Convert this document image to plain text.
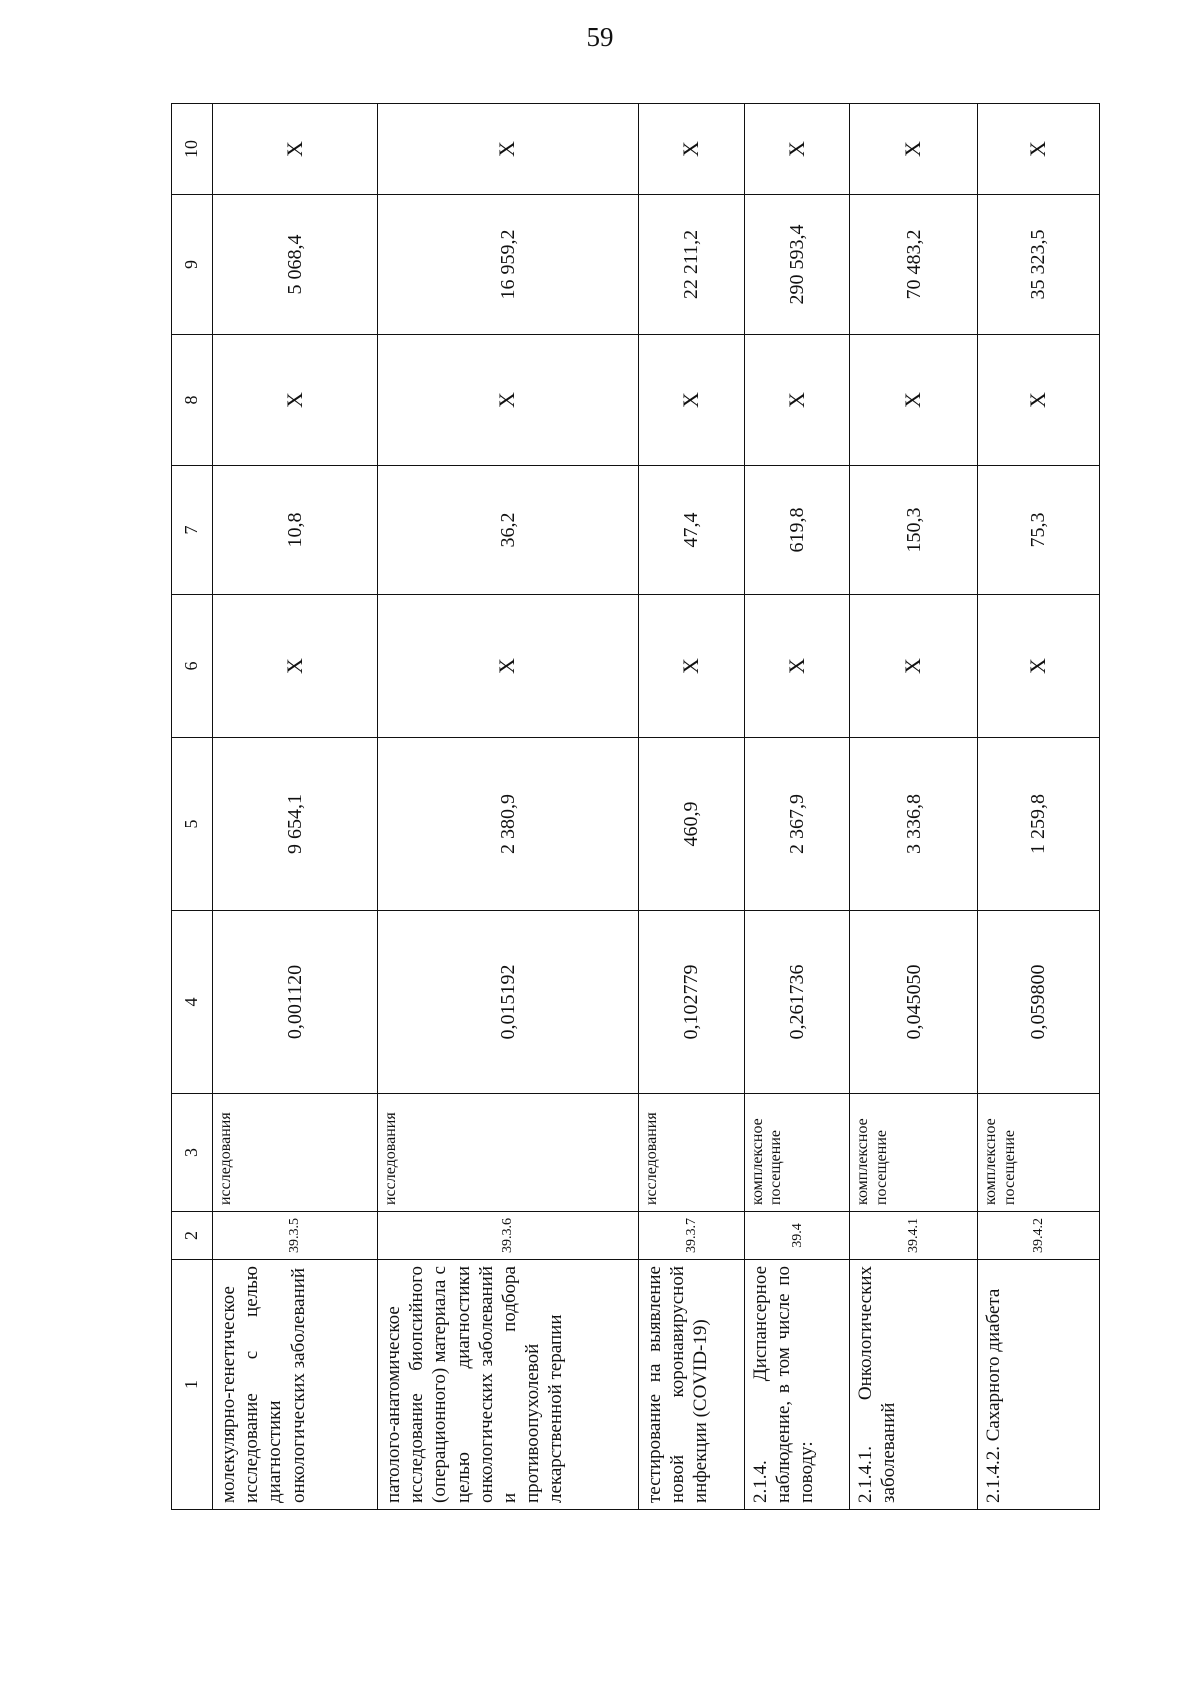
59
1	2	3	4	5	6	7	8	9	10
молекулярно-генетическое исследование с целью диагностики онкологических заболеваний	39.3.5	исследования	0,001120	9 654,1	X	10,8	X	5 068,4	X
патолого-анатомическое исследование биопсийного (операционного) материала с целью диагностики онкологических заболеваний и подбора противоопухолевой лекарственной терапии	39.3.6	исследования	0,015192	2 380,9	X	36,2	X	16 959,2	X
тестирование на выявление новой коронавирусной инфекции (COVID-19)	39.3.7	исследования	0,102779	460,9	X	47,4	X	22 211,2	X
2.1.4. Диспансерное наблюдение, в том числе по поводу:	39.4	комплексное посещение	0,261736	2 367,9	X	619,8	X	290 593,4	X
2.1.4.1. Онкологических заболеваний	39.4.1	комплексное посещение	0,045050	3 336,8	X	150,3	X	70 483,2	X
2.1.4.2. Сахарного диабета	39.4.2	комплексное посещение	0,059800	1 259,8	X	75,3	X	35 323,5	X
